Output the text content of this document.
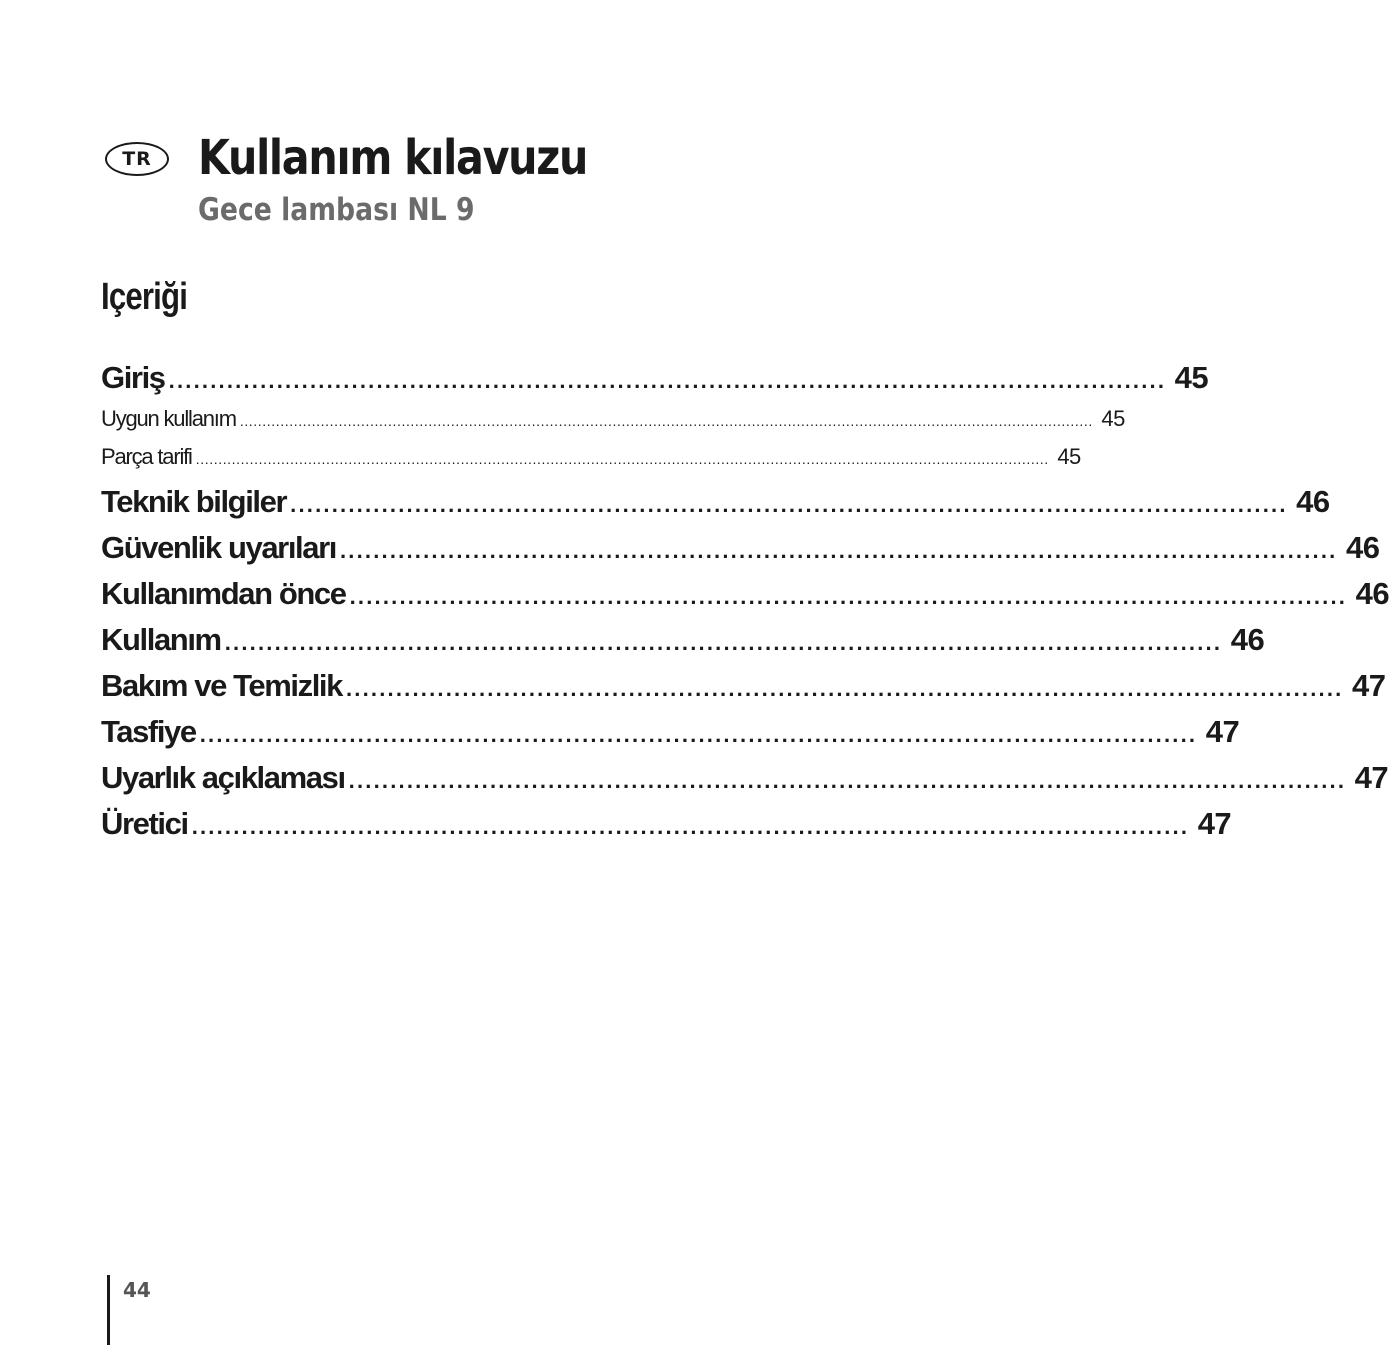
TR Kullanım kılavuzu
Gece lambası NL 9
Içeriği
Giriş ........................................................................................................................ 45
Uygun kullanım .............................................................................................................................................................................................. 45
Parça tarifi .............................................................................................................................................................................................. 45
Teknik bilgiler ........................................................................................................................ 46
Güvenlik uyarıları ........................................................................................................................ 46
Kullanımdan önce ........................................................................................................................ 46
Kullanım ........................................................................................................................ 46
Bakım ve Temizlik ........................................................................................................................ 47
Tasfiye ........................................................................................................................ 47
Uyarlık açıklaması ........................................................................................................................ 47
Üretici ........................................................................................................................ 47
44
